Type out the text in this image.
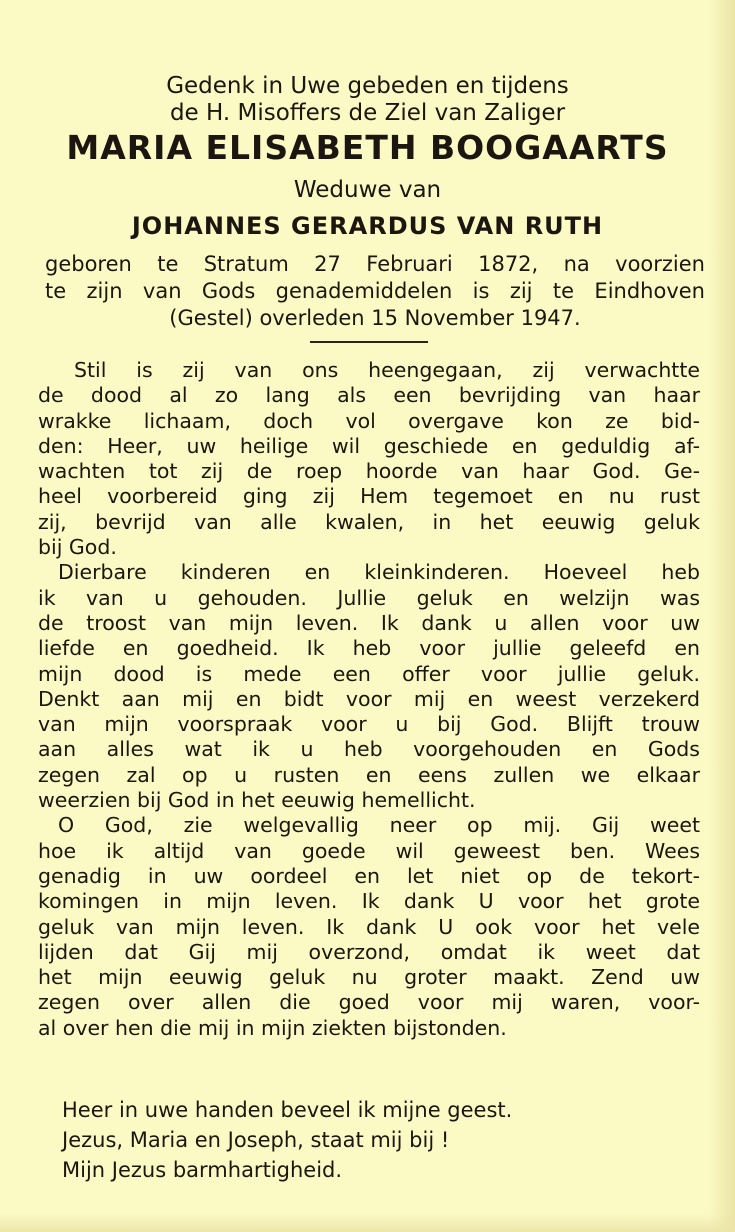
Gedenk in Uwe gebeden en tijdens
de H. Misoffers de Ziel van Zaliger
MARIA ELISABETH BOOGAARTS
Weduwe van
JOHANNES GERARDUS VAN RUTH
geboren te Stratum 27 Februari 1872, na voorzien
te zijn van Gods genademiddelen is zij te Eindhoven
(Gestel) overleden 15 November 1947.
Stil is zij van ons heengegaan, zij verwachtte
de dood al zo lang als een bevrijding van haar
wrakke lichaam, doch vol overgave kon ze bid-
den: Heer, uw heilige wil geschiede en geduldig af-
wachten tot zij de roep hoorde van haar God. Ge-
heel voorbereid ging zij Hem tegemoet en nu rust
zij, bevrijd van alle kwalen, in het eeuwig geluk
bij God.
Dierbare kinderen en kleinkinderen. Hoeveel heb
ik van u gehouden. Jullie geluk en welzijn was
de troost van mijn leven. Ik dank u allen voor uw
liefde en goedheid. Ik heb voor jullie geleefd en
mijn dood is mede een offer voor jullie geluk.
Denkt aan mij en bidt voor mij en weest verzekerd
van mijn voorspraak voor u bij God. Blijft trouw
aan alles wat ik u heb voorgehouden en Gods
zegen zal op u rusten en eens zullen we elkaar
weerzien bij God in het eeuwig hemellicht.
O God, zie welgevallig neer op mij. Gij weet
hoe ik altijd van goede wil geweest ben. Wees
genadig in uw oordeel en let niet op de tekort-
komingen in mijn leven. Ik dank U voor het grote
geluk van mijn leven. Ik dank U ook voor het vele
lijden dat Gij mij overzond, omdat ik weet dat
het mijn eeuwig geluk nu groter maakt. Zend uw
zegen over allen die goed voor mij waren, voor-
al over hen die mij in mijn ziekten bijstonden.
Heer in uwe handen beveel ik mijne geest.
Jezus, Maria en Joseph, staat mij bij !
Mijn Jezus barmhartigheid.
